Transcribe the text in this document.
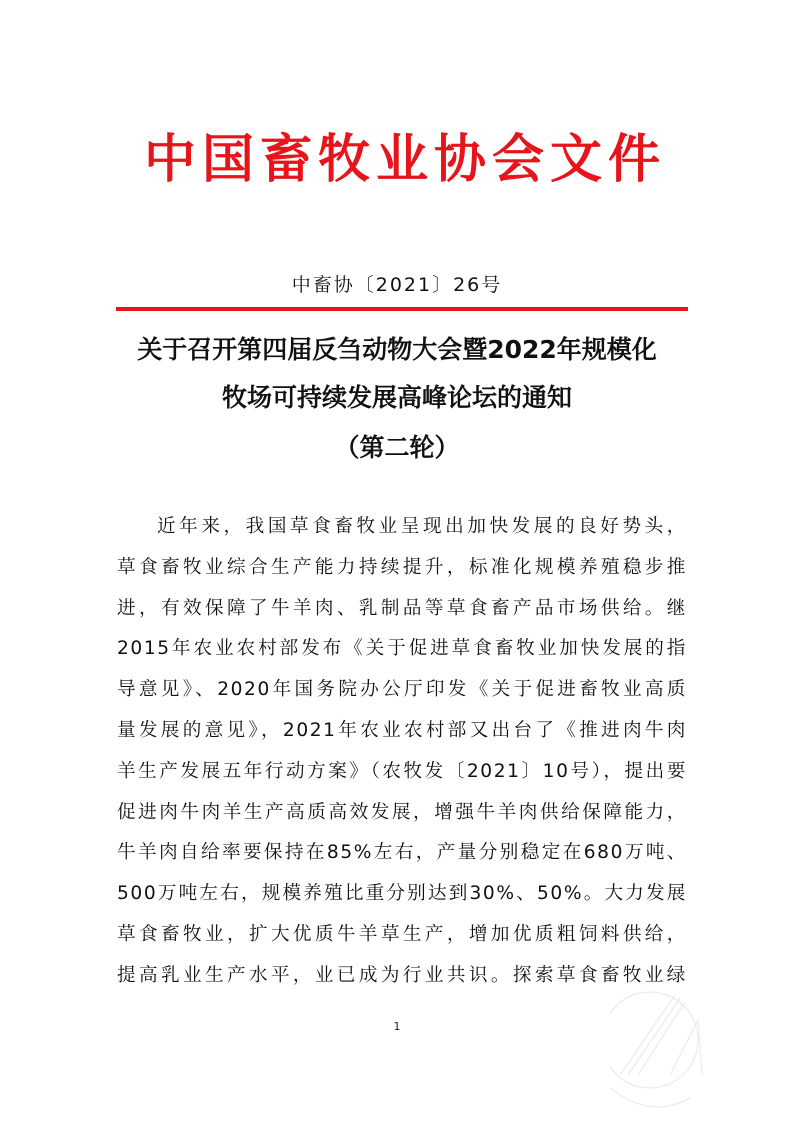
中国畜牧业协会文件
中畜协〔2021〕26号
关于召开第四届反刍动物大会暨2022年规模化
牧场可持续发展高峰论坛的通知
（第二轮）
近年来，我国草食畜牧业呈现出加快发展的良好势头，
草食畜牧业综合生产能力持续提升，标准化规模养殖稳步推
进，有效保障了牛羊肉、乳制品等草食畜产品市场供给。继
2015年农业农村部发布《关于促进草食畜牧业加快发展的指
导意见》、2020年国务院办公厅印发《关于促进畜牧业高质
量发展的意见》，2021年农业农村部又出台了《推进肉牛肉
羊生产发展五年行动方案》（农牧发〔2021〕10号），提出要
促进肉牛肉羊生产高质高效发展，增强牛羊肉供给保障能力，
牛羊肉自给率要保持在85%左右，产量分别稳定在680万吨、
500万吨左右，规模养殖比重分别达到30%、50%。大力发展
草食畜牧业，扩大优质牛羊草生产，增加优质粗饲料供给，
提高乳业生产水平，业已成为行业共识。探索草食畜牧业绿
1
